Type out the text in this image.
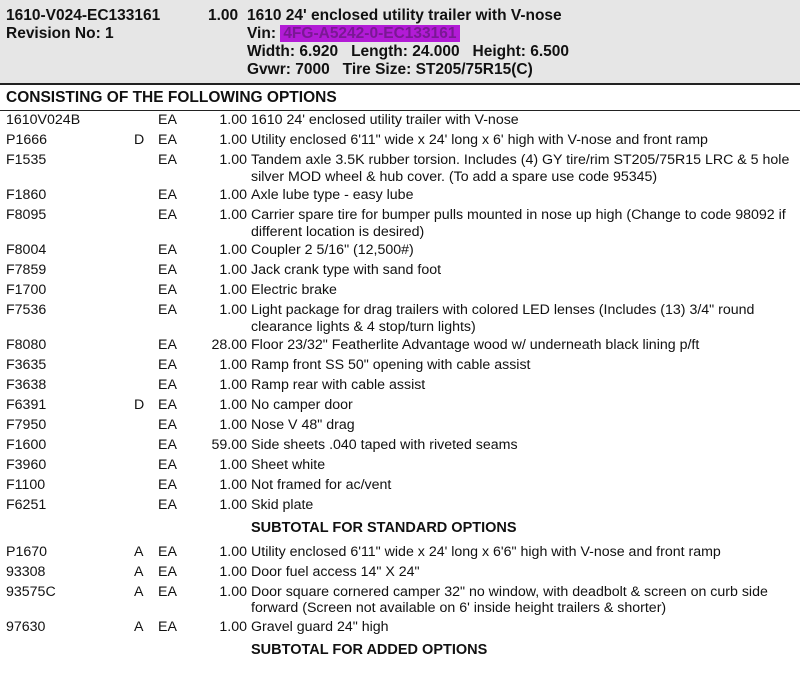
1610-V024-EC133161
Revision No: 1
1.00 1610 24' enclosed utility trailer with V-nose
Vin: 4FG-A5242-0-EC133161
Width: 6.920   Length: 24.000   Height: 6.500
Gvwr: 7000   Tire Size: ST205/75R15(C)
CONSISTING OF THE FOLLOWING OPTIONS
1610V024B		EA	1.00	1610 24' enclosed utility trailer with V-nose
P1666	D	EA	1.00	Utility enclosed 6'11" wide x 24' long x 6' high with V-nose and front ramp
F1535		EA	1.00	Tandem axle 3.5K rubber torsion. Includes (4) GY tire/rim ST205/75R15 LRC & 5 hole silver MOD wheel & hub cover. (To add a spare use code 95345)
F1860		EA	1.00	Axle lube type - easy lube
F8095		EA	1.00	Carrier spare tire for bumper pulls mounted in nose up high (Change to code 98092 if different location is desired)
F8004		EA	1.00	Coupler 2 5/16" (12,500#)
F7859		EA	1.00	Jack crank type with sand foot
F1700		EA	1.00	Electric brake
F7536		EA	1.00	Light package for drag trailers with colored LED lenses (Includes (13) 3/4" round clearance lights & 4 stop/turn lights)
F8080		EA	28.00	Floor 23/32" Featherlite Advantage wood w/ underneath black lining p/ft
F3635		EA	1.00	Ramp front SS 50" opening with cable assist
F3638		EA	1.00	Ramp rear with cable assist
F6391	D	EA	1.00	No camper door
F7950		EA	1.00	Nose V 48" drag
F1600		EA	59.00	Side sheets .040 taped with riveted seams
F3960		EA	1.00	Sheet white
F1100		EA	1.00	Not framed for ac/vent
F6251		EA	1.00	Skid plate
				SUBTOTAL FOR STANDARD OPTIONS
P1670	A	EA	1.00	Utility enclosed 6'11" wide x 24' long x 6'6" high with V-nose and front ramp
93308	A	EA	1.00	Door fuel access 14" X 24"
93575C	A	EA	1.00	Door square cornered camper 32" no window, with deadbolt & screen on curb side forward (Screen not available on 6' inside height trailers & shorter)
97630	A	EA	1.00	Gravel guard 24" high
				SUBTOTAL FOR ADDED OPTIONS
